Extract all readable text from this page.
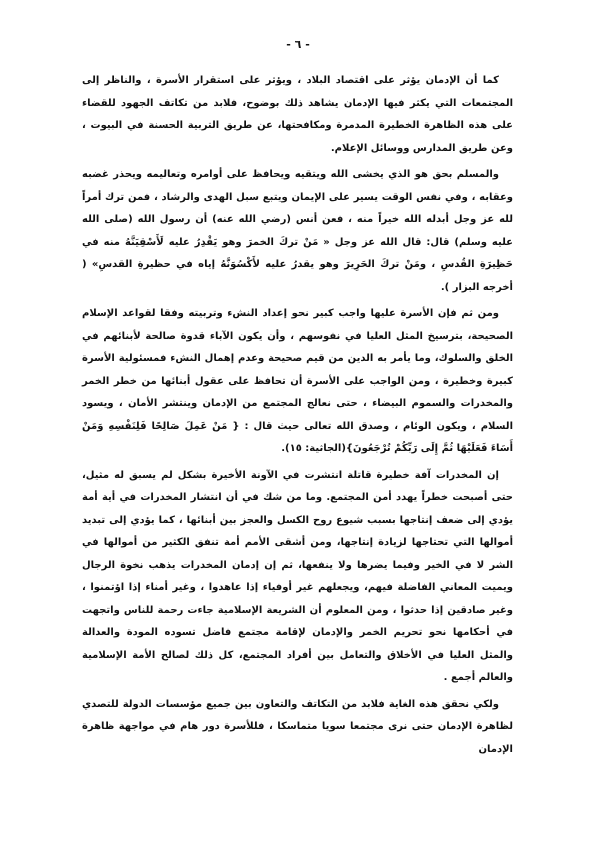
- ٦ -

كما أن الإدمان يؤثر على اقتصاد البلاد ، ويؤثر على استقرار الأسرة ، والناظر إلى المجتمعات التي يكثر فيها الإدمان يشاهد ذلك بوضوح، فلابد من تكاتف الجهود للقضاء على هذه الظاهرة الخطيرة المدمرة ومكافحتها، عن طريق التربية الحسنة في البيوت ، وعن طريق المدارس ووسائل الإعلام.

والمسلم بحق هو الذي يخشى الله ويتقيه ويحافظ على أوامره وتعاليمه ويحذر غضبه وعقابه ، وفي نفس الوقت يسير على الإيمان ويتبع سبل الهدى والرشاد ، فمن ترك أمراً لله عز وجل أبدله الله خيراً منه ، فعن أنس (رضي الله عنه) أن رسول الله (صلى الله عليه وسلم) قال: قال الله عز وجل « مَنْ تركَ الخمرَ وهو يَقْدِرُ عليه لَأَسْقِيَنَّهُ منه في حَظِيرَةِ القُدسِ ، ومَنْ تركَ الحَرِيرَ وهو يقدرُ عليه لأَكْسُوَنَّهُ إياه في حظيرةِ القدسِ» ( أخرجه البزار ).

ومن ثم فإن الأسرة عليها واجب كبير نحو إعداد النشء وتربيته وفقا لقواعد الإسلام الصحيحة، بترسيخ المثل العليا في نفوسهم ، وأن يكون الآباء قدوة صالحة لأبنائهم في الخلق والسلوك، وما يأمر به الدين من قيم صحيحة وعدم إهمال النشء فمسئولية الأسرة كبيرة وخطيرة ، ومن الواجب على الأسرة أن تحافظ على عقول أبنائها من خطر الخمر والمخدرات والسموم البيضاء ، حتى نعالج المجتمع من الإدمان وينتشر الأمان ، ويسود السلام ، ويكون الوئام ، وصدق الله تعالى حيث قال : { مَنْ عَمِلَ صَالِحًا فَلِنَفْسِهِ وَمَنْ أَسَاءَ فَعَلَيْهَا ثُمَّ إِلَى رَبِّكُمْ تُرْجَعُونَ}(الجاثية: ١٥).

إن المخدرات آفة خطيرة قاتلة انتشرت في الآونة الأخيرة بشكل لم يسبق له مثيل، حتى أصبحت خطراً يهدد أمن المجتمع. وما من شك في أن انتشار المخدرات في أية أمة يؤدي إلى ضعف إنتاجها بسبب شيوع روح الكسل والعجز بين أبنائها ، كما يؤدي إلى تبديد أموالها التي تحتاجها لزيادة إنتاجها، ومن أشقى الأمم أمة تنفق الكثير من أموالها في الشر لا في الخير وفيما يضرها ولا ينفعها، ثم إن إدمان المخدرات يذهب نخوة الرجال ويميت المعاني الفاضلة فيهم، ويجعلهم غير أوفياء إذا عاهدوا ، وغير أمناء إذا اؤتمنوا ، وغير صادقين إذا حدثوا ، ومن المعلوم أن الشريعة الإسلامية جاءت رحمة للناس واتجهت في أحكامها نحو تحريم الخمر والإدمان لإقامة مجتمع فاضل تسوده المودة والعدالة والمثل العليا في الأخلاق والتعامل بين أفراد المجتمع، كل ذلك لصالح الأمة الإسلامية والعالم أجمع .

ولكي نحقق هذه الغاية فلابد من التكاتف والتعاون بين جميع مؤسسات الدولة للتصدي لظاهرة الإدمان حتى نرى مجتمعا سويا متماسكا ، فللأسرة دور هام في مواجهة ظاهرة الإدمان
